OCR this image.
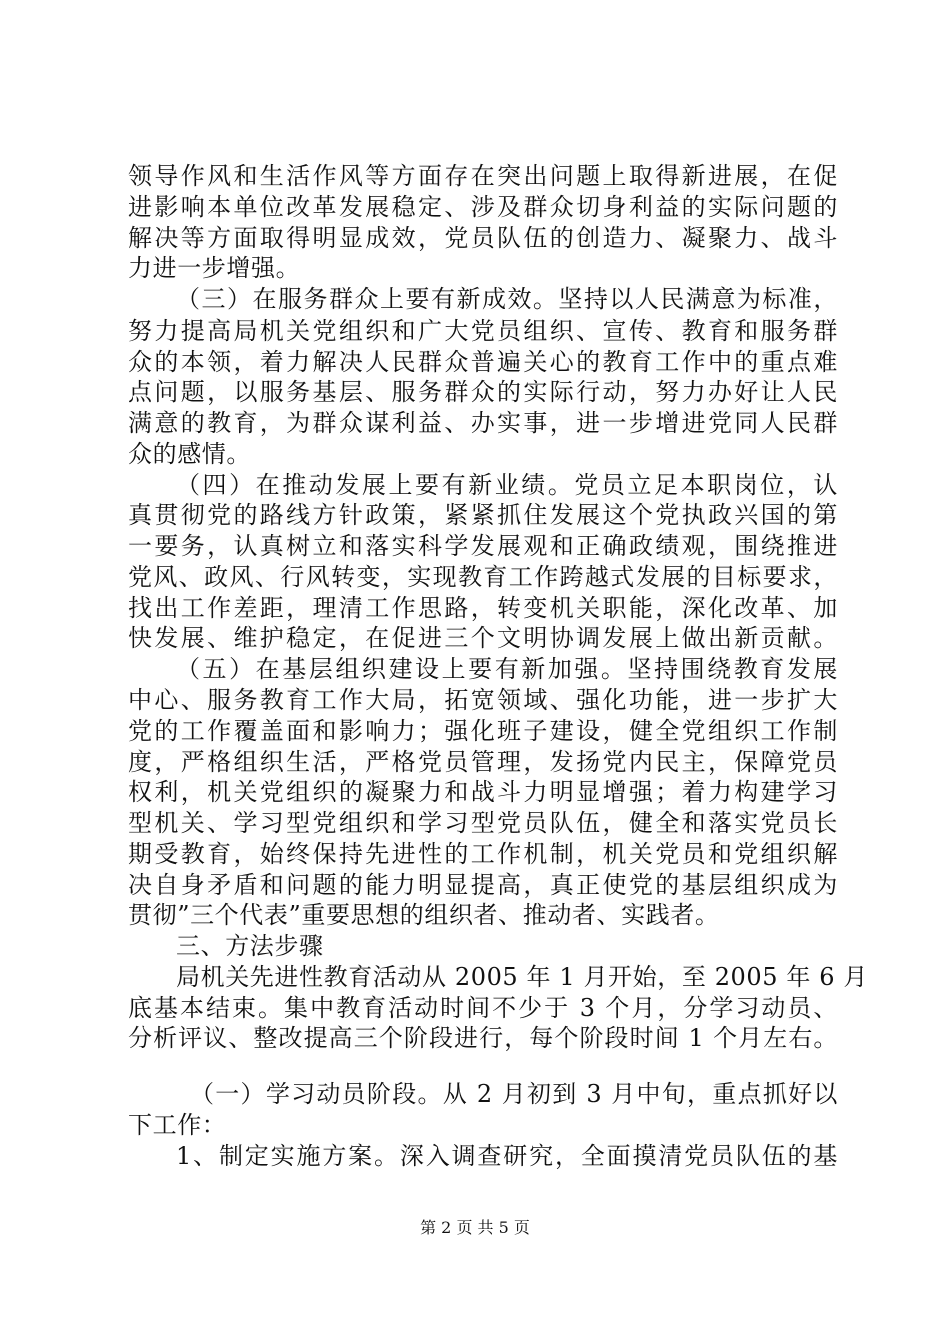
领导作风和生活作风等方面存在突出问题上取得新进展，在促
进影响本单位改革发展稳定、涉及群众切身利益的实际问题的
解决等方面取得明显成效，党员队伍的创造力、凝聚力、战斗
力进一步增强。
（三）在服务群众上要有新成效。坚持以人民满意为标准，
努力提高局机关党组织和广大党员组织、宣传、教育和服务群
众的本领，着力解决人民群众普遍关心的教育工作中的重点难
点问题，以服务基层、服务群众的实际行动，努力办好让人民
满意的教育，为群众谋利益、办实事，进一步增进党同人民群
众的感情。
（四）在推动发展上要有新业绩。党员立足本职岗位，认
真贯彻党的路线方针政策，紧紧抓住发展这个党执政兴国的第
一要务，认真树立和落实科学发展观和正确政绩观，围绕推进
党风、政风、行风转变，实现教育工作跨越式发展的目标要求，
找出工作差距，理清工作思路，转变机关职能，深化改革、加
快发展、维护稳定，在促进三个文明协调发展上做出新贡献。
（五）在基层组织建设上要有新加强。坚持围绕教育发展
中心、服务教育工作大局，拓宽领域、强化功能，进一步扩大
党的工作覆盖面和影响力；强化班子建设，健全党组织工作制
度，严格组织生活，严格党员管理，发扬党内民主，保障党员
权利，机关党组织的凝聚力和战斗力明显增强；着力构建学习
型机关、学习型党组织和学习型党员队伍，健全和落实党员长
期受教育，始终保持先进性的工作机制，机关党员和党组织解
决自身矛盾和问题的能力明显提高，真正使党的基层组织成为
贯彻”三个代表”重要思想的组织者、推动者、实践者。
三、方法步骤
局机关先进性教育活动从 2005 年 1 月开始，至 2005 年 6 月
底基本结束。集中教育活动时间不少于 3 个月，分学习动员、
分析评议、整改提高三个阶段进行，每个阶段时间 1 个月左右。
第 2 页 共 5 页
（一）学习动员阶段。从 2 月初到 3 月中旬，重点抓好以
下工作：
1、制定实施方案。深入调查研究，全面摸清党员队伍的基
